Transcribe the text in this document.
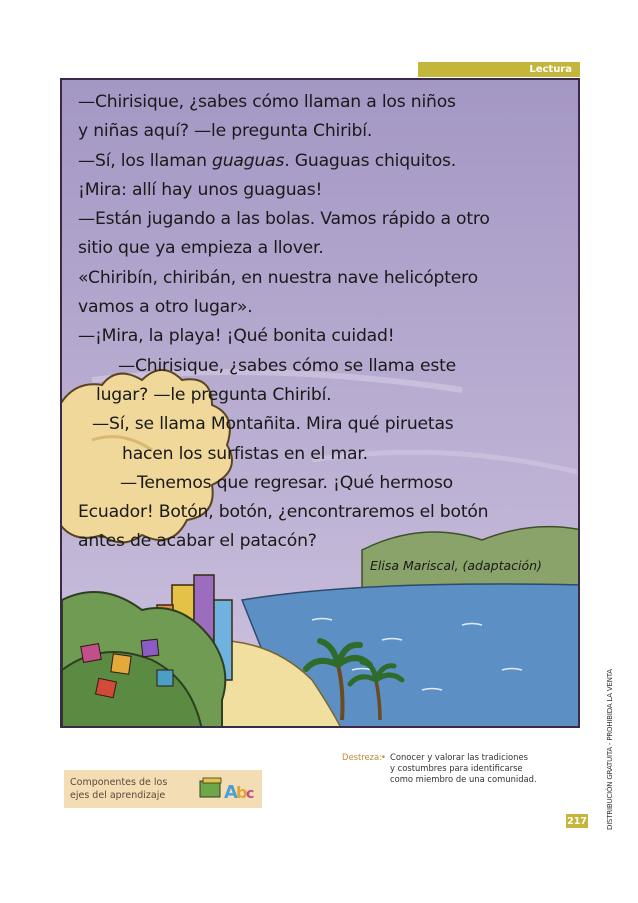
Lectura
—Chirisique, ¿sabes cómo llaman a los niños
y niñas aquí? —le pregunta Chiribí.
—Sí, los llaman guaguas. Guaguas chiquitos.
¡Mira: allí hay unos guaguas!
—Están jugando a las bolas. Vamos rápido a otro
sitio que ya empieza a llover.
«Chiribín, chiribán, en nuestra nave helicóptero
vamos a otro lugar».
—¡Mira, la playa! ¡Qué bonita cuidad!
—Chirisique, ¿sabes cómo se llama este
lugar? —le pregunta Chiribí.
—Sí, se llama Montañita. Mira qué piruetas
hacen los surfistas en el mar.
—Tenemos que regresar. ¡Qué hermoso
Ecuador! Botón, botón, ¿encontraremos el botón
antes de acabar el patacón?
Elisa Mariscal, (adaptación)
Componentes de los
ejes del aprendizaje	A
b
c
Destreza:
• Conocer y valorar las tradiciones
y costumbres para identificarse
como miembro de una comunidad.
217	DISTRIBUCIÓN GRATUITA - PROHIBIDA LA VENTA
